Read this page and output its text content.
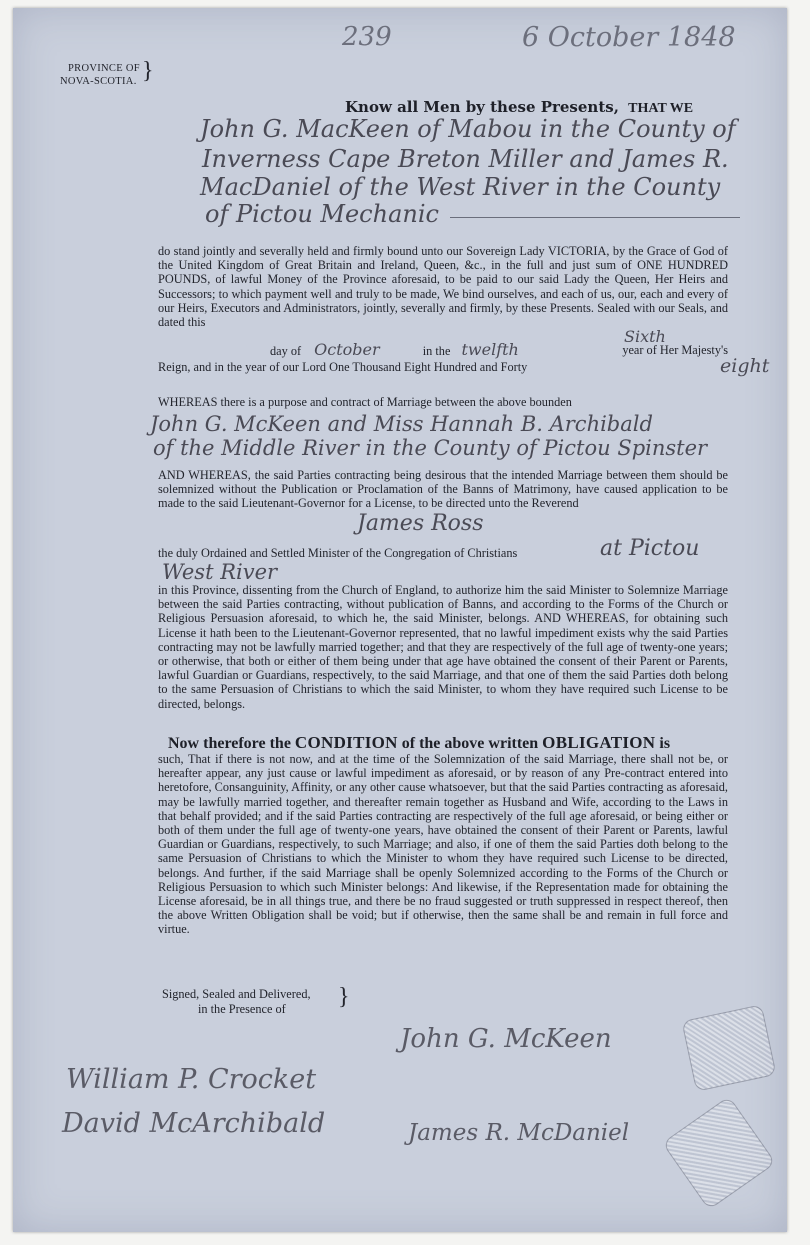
239	6 October 1848
PROVINCE OF
NOVA-SCOTIA. }
Know all Men by these Presents, THAT WE
John G. MacKeen of Mabou in the County of
Inverness Cape Breton Miller and James R.
MacDaniel of the West River in the County
of Pictou Mechanic
do stand jointly and severally held and firmly bound unto our Sovereign Lady VICTORIA, by the Grace of God of the United Kingdom of Great Britain and Ireland, Queen, &c., in the full and just sum of ONE HUNDRED POUNDS, of lawful Money of the Province aforesaid, to be paid to our said Lady the Queen, Her Heirs and Successors; to which payment well and truly to be made, We bind ourselves, and each of us, our, each and every of our Heirs, Executors and Administrators, jointly, severally and firmly, by these Presents. Sealed with our Seals, and dated this
Sixth
day of October	in the twelfth	year of Her Majesty's
Reign, and in the year of our Lord One Thousand Eight Hundred and Forty	eight
WHEREAS there is a purpose and contract of Marriage between the above bounden
John G. McKeen and Miss Hannah B. Archibald
of the Middle River in the County of Pictou Spinster
AND WHEREAS, the said Parties contracting being desirous that the intended Marriage between them should be solemnized without the Publication or Proclamation of the Banns of Matrimony, have caused application to be made to the said Lieutenant-Governor for a License, to be directed unto the Reverend
James Ross
the duly Ordained and Settled Minister of the Congregation of Christians	at Pictou
West River
in this Province, dissenting from the Church of England, to authorize him the said Minister to Solemnize Marriage between the said Parties contracting, without publication of Banns, and according to the Forms of the Church or Religious Persuasion aforesaid, to which he, the said Minister, belongs. AND WHEREAS, for obtaining such License it hath been to the Lieutenant-Governor represented, that no lawful impediment exists why the said Parties contracting may not be lawfully married together; and that they are respectively of the full age of twenty-one years; or otherwise, that both or either of them being under that age have obtained the consent of their Parent or Parents, lawful Guardian or Guardians, respectively, to the said Marriage, and that one of them the said Parties doth belong to the same Persuasion of Christians to which the said Minister, to whom they have required such License to be directed, belongs.
Now therefore the CONDITION of the above written OBLIGATION is
such, That if there is not now, and at the time of the Solemnization of the said Marriage, there shall not be, or hereafter appear, any just cause or lawful impediment as aforesaid, or by reason of any Pre-contract entered into heretofore, Consanguinity, Affinity, or any other cause whatsoever, but that the said Parties contracting as aforesaid, may be lawfully married together, and thereafter remain together as Husband and Wife, according to the Laws in that behalf provided; and if the said Parties contracting are respectively of the full age aforesaid, or being either or both of them under the full age of twenty-one years, have obtained the consent of their Parent or Parents, lawful Guardian or Guardians, respectively, to such Marriage; and also, if one of them the said Parties doth belong to the same Persuasion of Christians to which the Minister to whom they have required such License to be directed, belongs. And further, if the said Marriage shall be openly Solemnized according to the Forms of the Church or Religious Persuasion to which such Minister belongs: And likewise, if the Representation made for obtaining the License aforesaid, be in all things true, and there be no fraud suggested or truth suppressed in respect thereof, then the above Written Obligation shall be void; but if otherwise, then the same shall be and remain in full force and virtue.
Signed, Sealed and Delivered,
in the Presence of	}
John G. McKeen
James R. McDaniel
William P. Crocket
David McArchibald
